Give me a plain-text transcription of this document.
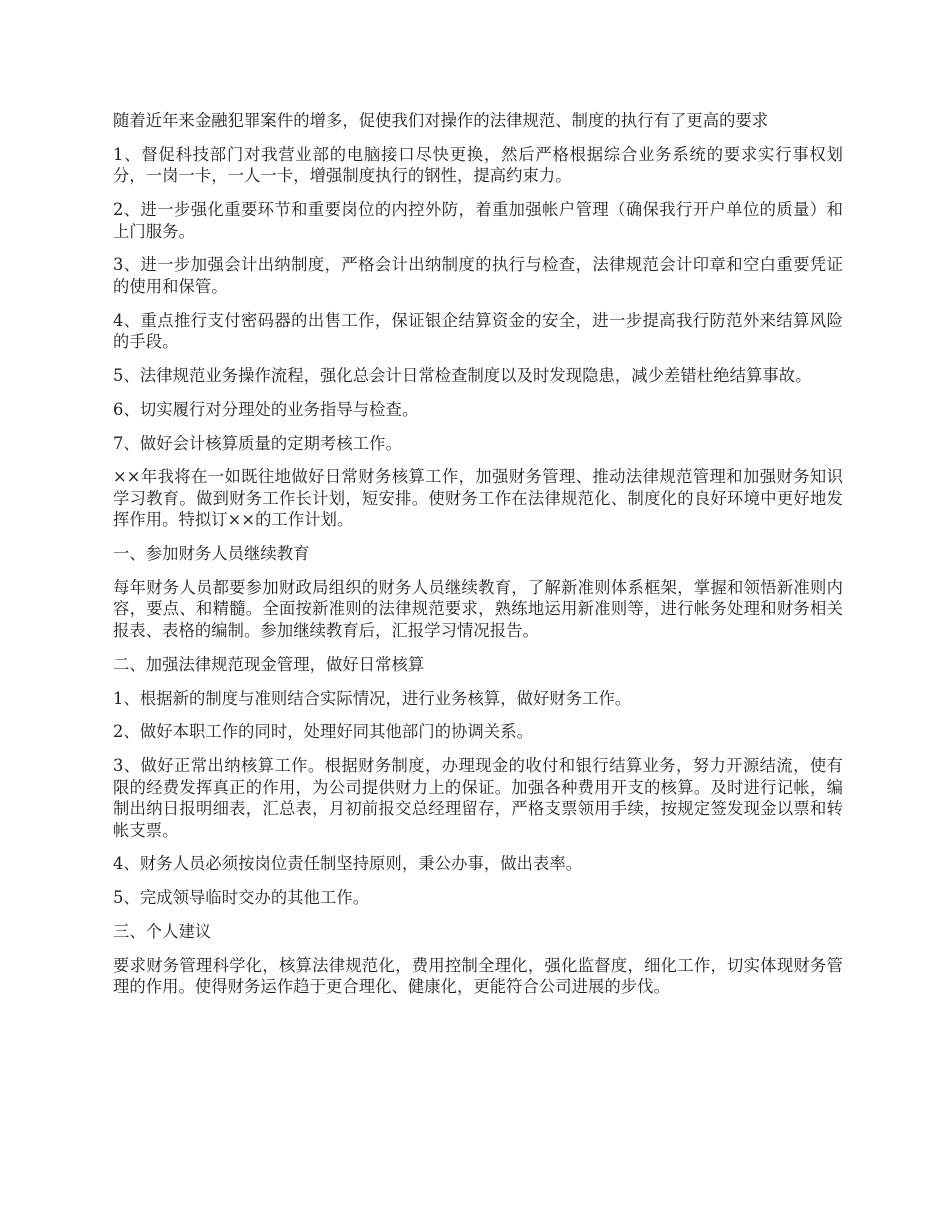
随着近年来金融犯罪案件的增多，促使我们对操作的法律规范、制度的执行有了更高的要求

1、督促科技部门对我营业部的电脑接口尽快更换，然后严格根据综合业务系统的要求实行事权划分，一岗一卡，一人一卡，增强制度执行的钢性，提高约束力。

2、进一步强化重要环节和重要岗位的内控外防，着重加强帐户管理（确保我行开户单位的质量）和上门服务。

3、进一步加强会计出纳制度，严格会计出纳制度的执行与检查，法律规范会计印章和空白重要凭证的使用和保管。

4、重点推行支付密码器的出售工作，保证银企结算资金的安全，进一步提高我行防范外来结算风险的手段。

5、法律规范业务操作流程，强化总会计日常检查制度以及时发现隐患，减少差错杜绝结算事故。

6、切实履行对分理处的业务指导与检查。

7、做好会计核算质量的定期考核工作。

××年我将在一如既往地做好日常财务核算工作，加强财务管理、推动法律规范管理和加强财务知识学习教育。做到财务工作长计划，短安排。使财务工作在法律规范化、制度化的良好环境中更好地发挥作用。特拟订××的工作计划。

一、参加财务人员继续教育

每年财务人员都要参加财政局组织的财务人员继续教育，了解新准则体系框架，掌握和领悟新准则内容，要点、和精髓。全面按新准则的法律规范要求，熟练地运用新准则等，进行帐务处理和财务相关报表、表格的编制。参加继续教育后，汇报学习情况报告。

二、加强法律规范现金管理，做好日常核算

1、根据新的制度与准则结合实际情况，进行业务核算，做好财务工作。

2、做好本职工作的同时，处理好同其他部门的协调关系。

3、做好正常出纳核算工作。根据财务制度，办理现金的收付和银行结算业务，努力开源结流，使有限的经费发挥真正的作用，为公司提供财力上的保证。加强各种费用开支的核算。及时进行记帐，编制出纳日报明细表，汇总表，月初前报交总经理留存，严格支票领用手续，按规定签发现金以票和转帐支票。

4、财务人员必须按岗位责任制坚持原则，秉公办事，做出表率。

5、完成领导临时交办的其他工作。

三、个人建议

要求财务管理科学化，核算法律规范化，费用控制全理化，强化监督度，细化工作，切实体现财务管理的作用。使得财务运作趋于更合理化、健康化，更能符合公司进展的步伐。
